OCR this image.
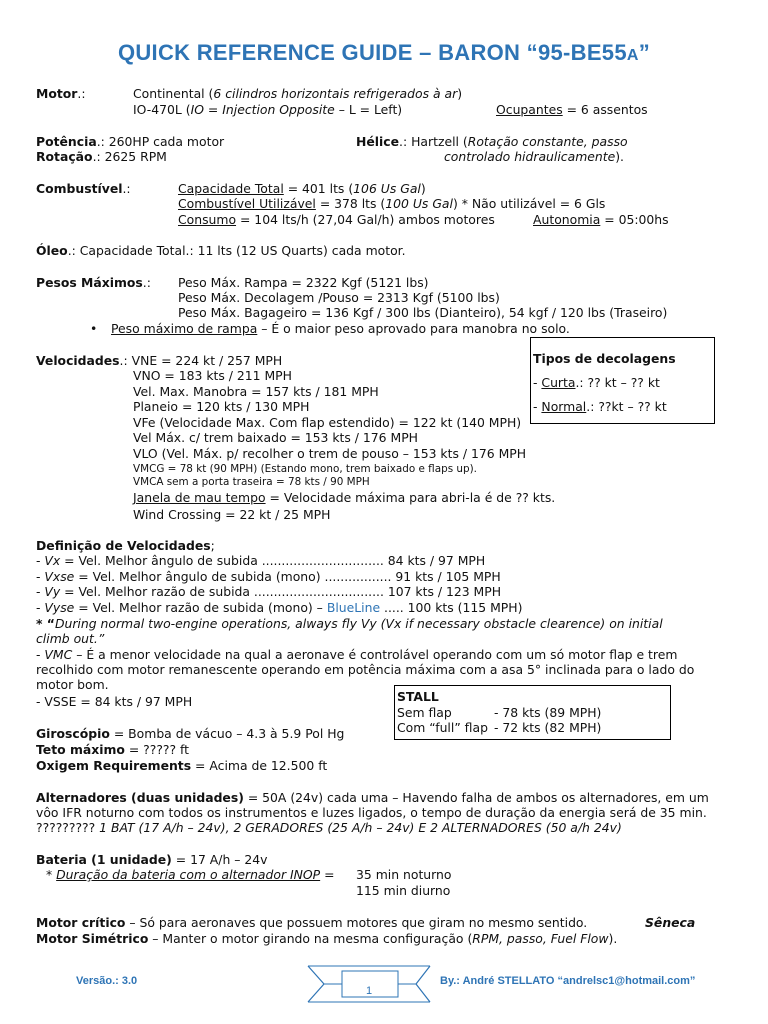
QUICK REFERENCE GUIDE – BARON “95-BE55A”
Motor.:	Continental (6 cilindros horizontais refrigerados à ar)
IO-470L (IO = Injection Opposite – L = Left)	Ocupantes = 6 assentos
Potência.: 260HP cada motor
Rotação.: 2625 RPM
Hélice.: Hartzell (Rotação constante, passo
controlado hidraulicamente).
Combustível.:	Capacidade Total = 401 lts (106 Us Gal)
Combustível Utilizável = 378 lts (100 Us Gal) * Não utilizável = 6 Gls
Consumo = 104 lts/h (27,04 Gal/h) ambos motores	Autonomia = 05:00hs
Óleo.: Capacidade Total.: 11 lts (12 US Quarts) cada motor.
Pesos Máximos.: Peso Máx. Rampa = 2322 Kgf (5121 lbs)
Peso Máx. Decolagem /Pouso = 2313 Kgf (5100 lbs)
Peso Máx. Bagageiro = 136 Kgf / 300 lbs (Dianteiro), 54 kgf / 120 lbs (Traseiro)
• Peso máximo de rampa – É o maior peso aprovado para manobra no solo.
Velocidades.: VNE = 224 kt / 257 MPH
VNO = 183 kts / 211 MPH
Vel. Max. Manobra = 157 kts / 181 MPH
Planeio = 120 kts / 130 MPH
VFe (Velocidade Max. Com flap estendido) = 122 kt (140 MPH)
Vel Máx. c/ trem baixado = 153 kts / 176 MPH
VLO (Vel. Máx. p/ recolher o trem de pouso – 153 kts / 176 MPH
VMCG = 78 kt (90 MPH) (Estando mono, trem baixado e flaps up).
VMCA sem a porta traseira = 78 kts / 90 MPH
Janela de mau tempo = Velocidade máxima para abri-la é de ?? kts.
Wind Crossing = 22 kt / 25 MPH
Tipos de decolagens
- Curta.: ?? kt – ?? kt
- Normal.: ??kt – ?? kt
Definição de Velocidades;
- Vx = Vel. Melhor ângulo de subida ............................... 84 kts / 97 MPH
- Vxse = Vel. Melhor ângulo de subida (mono) ................. 91 kts / 105 MPH
- Vy = Vel. Melhor razão de subida ................................. 107 kts / 123 MPH
- Vyse = Vel. Melhor razão de subida (mono) – BlueLine ..... 100 kts (115 MPH)
* “During normal two-engine operations, always fly Vy (Vx if necessary obstacle clearence) on initial
climb out.”
- VMC – É a menor velocidade na qual a aeronave é controlável operando com um só motor flap e trem recolhido com motor remanescente operando em potência máxima com a asa 5° inclinada para o lado do motor bom.
- VSSE = 84 kts / 97 MPH	STALL
Sem flap	- 78 kts (89 MPH)
Com “full” flap - 72 kts (82 MPH)
Giroscópio = Bomba de vácuo – 4.3 à 5.9 Pol Hg
Teto máximo = ????? ft
Oxigem Requirements = Acima de 12.500 ft
Alternadores (duas unidades) = 50A (24v) cada uma – Havendo falha de ambos os alternadores, em um vôo IFR noturno com todos os instrumentos e luzes ligados, o tempo de duração da energia será de 35 min. ????????? 1 BAT (17 A/h – 24v), 2 GERADORES (25 A/h – 24v) E 2 ALTERNADORES (50 a/h 24v)
Bateria (1 unidade) = 17 A/h – 24v
* Duração da bateria com o alternador INOP = 35 min noturno
115 min diurno
Motor crítico – Só para aeronaves que possuem motores que giram no mesmo sentido.	Sêneca
Motor Simétrico – Manter o motor girando na mesma configuração (RPM, passo, Fuel Flow).
Versão.: 3.0
1
By.: André STELLATO “andrelsc1@hotmail.com”
